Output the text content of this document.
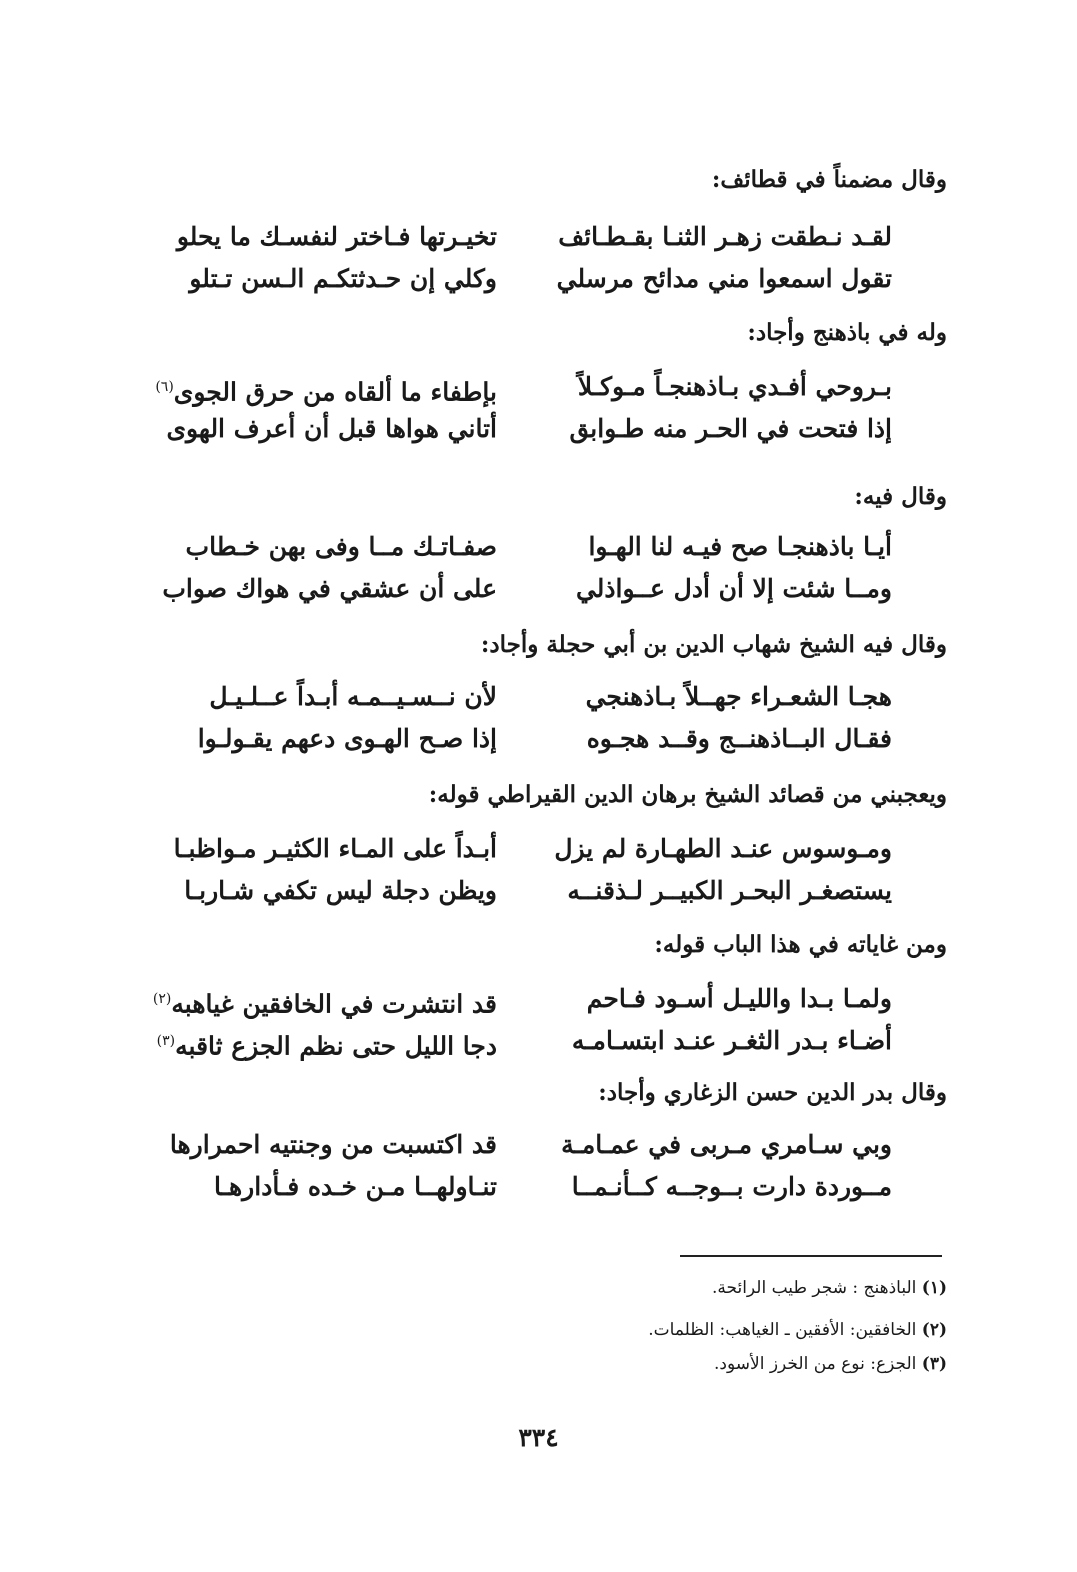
وقال مضمناً في قطائف:
لقـد نـطقت زهـر الثنـا بقـطـائف
تخيـرتها فـاختر لنفسـك ما يحلو
تقول اسمعوا مني مدائح مرسلي
وكلي إن حـدثتكـم الـسن تـتلو
وله في باذهنج وأجاد:
بـروحي أفـدي بـاذهنجـاً مـوكـلاً
بإطفاء ما ألقاه من حرق الجوى$^{(٦)}$
إذا فتحت في الحـر منه طـوابق
أتاني هواها قبل أن أعرف الهوى
وقال فيه:
أيـا باذهنجـا صح فيـه لنا الهـوا
صفـاتـك مــا وفى بهن خـطاب
ومــا شئت إلا أن أدل عــواذلي
على أن عشقي في هواك صواب
وقال فيه الشيخ شهاب الدين بن أبي حجلة وأجاد:
هجـا الشعـراء جهــلاً بـاذهنجي
لأن نــسـيــمـه أبـداً عــلـيـل
فقـال البــاذهنــج وقــد هجـوه
إذا صـح الهـوى دعهم يقـولـوا
ويعجبني من قصائد الشيخ برهان الدين القيراطي قوله:
ومـوسوس عنـد الطهـارة لم يزل
أبـداً على المـاء الكثيـر مـواظبـا
يستصغـر البحـر الكبيــر لـذقنــه
ويظن دجلة ليس تكفي شـاربـا
ومن غاياته في هذا الباب قوله:
ولمـا بـدا والليـل أسـود فـاحم
قد انتشرت في الخافقين غياهبه$^{(٢)}$
أضـاء بـدر الثغـر عنـد ابتسـامـه
دجا الليل حتى نظم الجزع ثاقبه$^{(٣)}$
وقال بدر الدين حسن الزغاري وأجاد:
وبي سـامري مـربى في عمـامـة
قد اكتسبت من وجنتيه احمرارها
مــوردة دارت بــوجــه كــأنـمــا
تنـاولهــا مـن خـده فـأدارهـا
(١) الباذهنج : شجر طيب الرائحة.
(٢) الخافقين: الأفقين ـ الغياهب: الظلمات.
(٣) الجزع: نوع من الخرز الأسود.
٣٣٤
